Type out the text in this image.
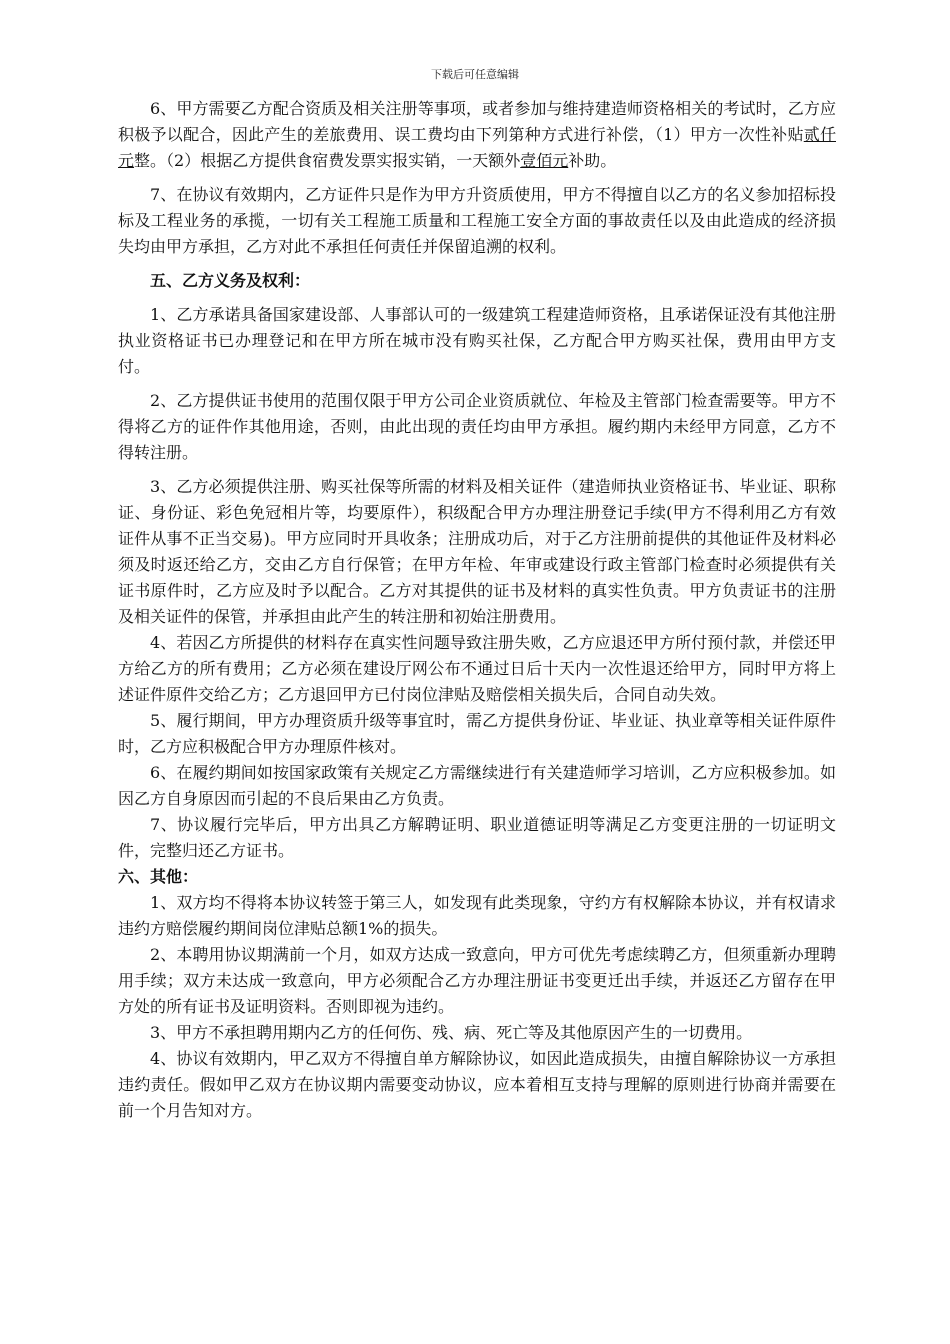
下载后可任意编辑

6、甲方需要乙方配合资质及相关注册等事项，或者参加与维持建造师资格相关的考试时，乙方应积极予以配合，因此产生的差旅费用、误工费均由下列第种方式进行补偿，（1）甲方一次性补贴贰仟元整。（2）根据乙方提供食宿费发票实报实销，一天额外壹佰元补助。

7、在协议有效期内，乙方证件只是作为甲方升资质使用，甲方不得擅自以乙方的名义参加招标投标及工程业务的承揽，一切有关工程施工质量和工程施工安全方面的事故责任以及由此造成的经济损失均由甲方承担，乙方对此不承担任何责任并保留追溯的权利。

五、乙方义务及权利：

1、乙方承诺具备国家建设部、人事部认可的一级建筑工程建造师资格，且承诺保证没有其他注册执业资格证书已办理登记和在甲方所在城市没有购买社保，乙方配合甲方购买社保，费用由甲方支付。

2、乙方提供证书使用的范围仅限于甲方公司企业资质就位、年检及主管部门检查需要等。甲方不得将乙方的证件作其他用途，否则，由此出现的责任均由甲方承担。履约期内未经甲方同意，乙方不得转注册。

3、乙方必须提供注册、购买社保等所需的材料及相关证件（建造师执业资格证书、毕业证、职称证、身份证、彩色免冠相片等，均要原件），积级配合甲方办理注册登记手续(甲方不得利用乙方有效证件从事不正当交易)。甲方应同时开具收条；注册成功后，对于乙方注册前提供的其他证件及材料必须及时返还给乙方，交由乙方自行保管；在甲方年检、年审或建设行政主管部门检查时必须提供有关证书原件时，乙方应及时予以配合。乙方对其提供的证书及材料的真实性负责。甲方负责证书的注册及相关证件的保管，并承担由此产生的转注册和初始注册费用。

4、若因乙方所提供的材料存在真实性问题导致注册失败，乙方应退还甲方所付预付款，并偿还甲方给乙方的所有费用；乙方必须在建设厅网公布不通过日后十天内一次性退还给甲方，同时甲方将上述证件原件交给乙方；乙方退回甲方已付岗位津贴及赔偿相关损失后，合同自动失效。

5、履行期间，甲方办理资质升级等事宜时，需乙方提供身份证、毕业证、执业章等相关证件原件时，乙方应积极配合甲方办理原件核对。

6、在履约期间如按国家政策有关规定乙方需继续进行有关建造师学习培训，乙方应积极参加。如因乙方自身原因而引起的不良后果由乙方负责。

7、协议履行完毕后，甲方出具乙方解聘证明、职业道德证明等满足乙方变更注册的一切证明文件，完整归还乙方证书。

六、其他：

1、双方均不得将本协议转签于第三人，如发现有此类现象，守约方有权解除本协议，并有权请求违约方赔偿履约期间岗位津贴总额1%的损失。

2、本聘用协议期满前一个月，如双方达成一致意向，甲方可优先考虑续聘乙方，但须重新办理聘用手续；双方未达成一致意向，甲方必须配合乙方办理注册证书变更迁出手续，并返还乙方留存在甲方处的所有证书及证明资料。否则即视为违约。

3、甲方不承担聘用期内乙方的任何伤、残、病、死亡等及其他原因产生的一切费用。

4、协议有效期内，甲乙双方不得擅自单方解除协议，如因此造成损失，由擅自解除协议一方承担违约责任。假如甲乙双方在协议期内需要变动协议，应本着相互支持与理解的原则进行协商并需要在前一个月告知对方。
